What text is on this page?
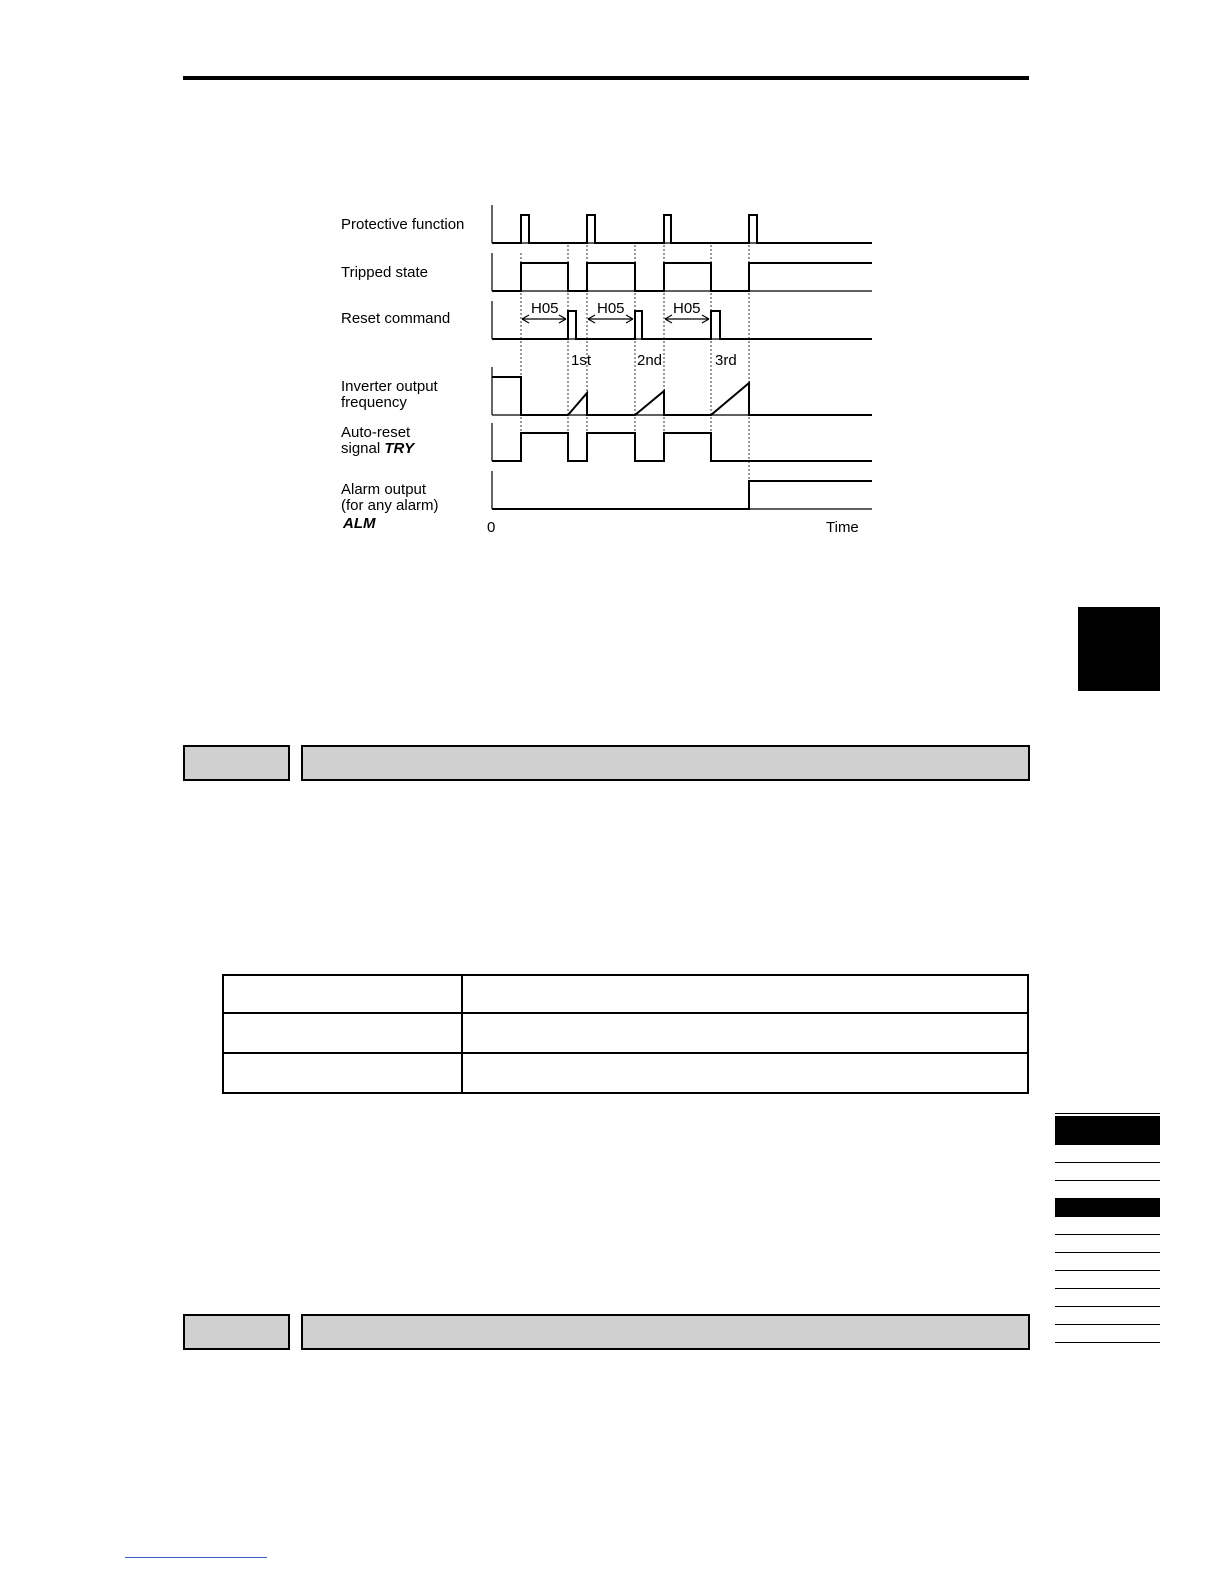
Protective function
Tripped state
Reset command
Inverter output
frequency
Auto-reset
signal TRY
Alarm output
(for any alarm)
ALM
H05	H05	H05
1st	2nd	3rd
0	Time
